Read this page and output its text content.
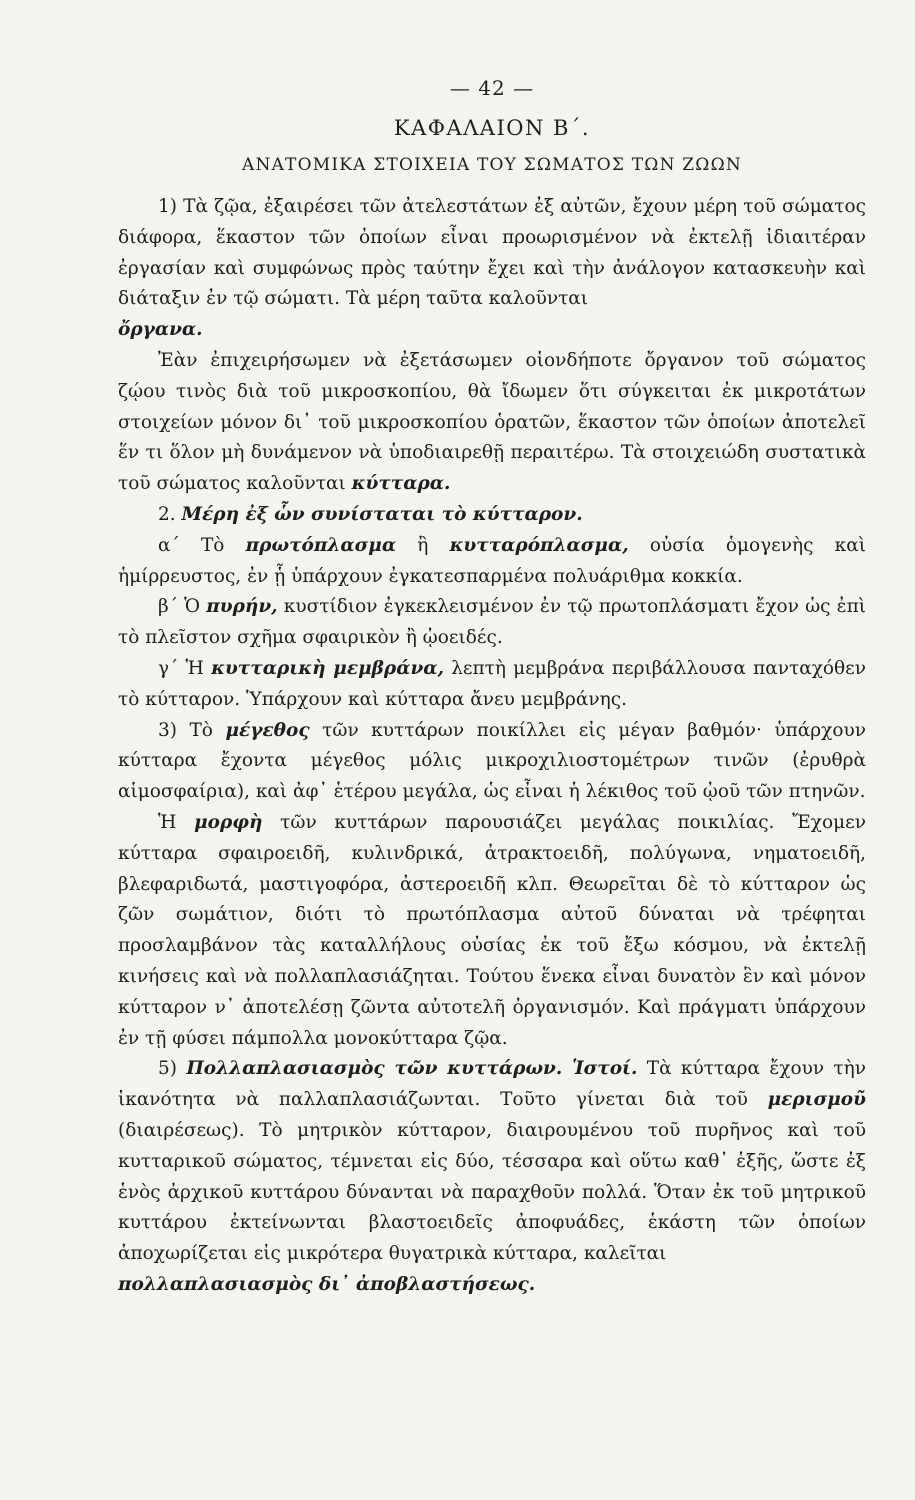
— 42 —
ΚΑΦΑΛΑΙΟΝ Β΄.
ΑΝΑΤΟΜΙΚΑ ΣΤΟΙΧΕΙΑ ΤΟΥ ΣΩΜΑΤΟΣ ΤΩΝ ΖΩΩΝ

1) Τὰ ζῷα, ἐξαιρέσει τῶν ἀτελεστάτων ἐξ αὐτῶν, ἔχουν μέρη τοῦ σώματος διάφορα, ἕκαστον τῶν ὁποίων εἶναι προωρισμένον νὰ ἐκτελῇ ἰδιαιτέραν ἐργασίαν καὶ συμφώνως πρὸς ταύτην ἔχει καὶ τὴν ἀνάλογον κατασκευὴν καὶ διάταξιν ἐν τῷ σώματι. Τὰ μέρη ταῦτα καλοῦνται

ὄργανα.

Ἐὰν ἐπιχειρήσωμεν νὰ ἐξετάσωμεν οἱονδήποτε ὄργανον τοῦ σώματος ζῴου τινὸς διὰ τοῦ μικροσκοπίου, θὰ ἴδωμεν ὅτι σύγκειται ἐκ μικροτάτων στοιχείων μόνον δι᾿ τοῦ μικροσκοπίου ὁρατῶν, ἕκαστον τῶν ὁποίων ἀποτελεῖ ἕν τι ὅλον μὴ δυνάμενον νὰ ὑποδιαιρεθῇ περαιτέρω. Τὰ στοιχειώδη συστατικὰ τοῦ σώματος καλοῦνται κύτταρα.

2. Μέρη ἐξ ὧν συνίσταται τὸ κύτταρον.

α΄ Τὸ πρωτόπλασμα ἢ κυτταρόπλασμα, οὐσία ὁμογενὴς καὶ ἡμίρρευστος, ἐν ᾗ ὑπάρχουν ἐγκατεσπαρμένα πολυάριθμα κοκκία.

β΄ Ὁ πυρήν, κυστίδιον ἐγκεκλεισμένον ἐν τῷ πρωτοπλάσματι ἔχον ὡς ἐπὶ τὸ πλεῖστον σχῆμα σφαιρικὸν ἢ ᾠοειδές.

γ΄ Ἡ κυτταρικὴ μεμβράνα, λεπτὴ μεμβράνα περιβάλλουσα πανταχόθεν τὸ κύτταρον. Ὑπάρχουν καὶ κύτταρα ἄνευ μεμβράνης.

3) Τὸ μέγεθος τῶν κυττάρων ποικίλλει εἰς μέγαν βαθμόν· ὑπάρχουν κύτταρα ἔχοντα μέγεθος μόλις μικροχιλιοστομέτρων τινῶν (ἐρυθρὰ αἱμοσφαίρια), καὶ ἀφ᾿ ἑτέρου μεγάλα, ὡς εἶναι ἡ λέκιθος τοῦ ᾠοῦ τῶν πτηνῶν.

Ἡ μορφὴ τῶν κυττάρων παρουσιάζει μεγάλας ποικιλίας. Ἔχομεν κύτταρα σφαιροειδῆ, κυλινδρικά, ἀτρακτοειδῆ, πολύγωνα, νηματοειδῆ, βλεφαριδωτά, μαστιγοφόρα, ἀστεροειδῆ κλπ. Θεωρεῖται δὲ τὸ κύτταρον ὡς ζῶν σωμάτιον, διότι τὸ πρωτόπλασμα αὐτοῦ δύναται νὰ τρέφηται προσλαμβάνον τὰς καταλλήλους οὐσίας ἐκ τοῦ ἔξω κόσμου, νὰ ἐκτελῇ κινήσεις καὶ νὰ πολλαπλασιάζηται. Τούτου ἕνεκα εἶναι δυνατὸν ἓν καὶ μόνον κύτταρον ν᾿ ἀποτελέσῃ ζῶντα αὐτοτελῆ ὀργανισμόν. Καὶ πράγματι ὑπάρχουν ἐν τῇ φύσει πάμπολλα μονοκύτταρα ζῷα.

5) Πολλαπλασιασμὸς τῶν κυττάρων. Ἱστοί. Τὰ κύτταρα ἔχουν τὴν ἱκανότητα νὰ παλλαπλασιάζωνται. Τοῦτο γίνεται διὰ τοῦ μερισμοῦ (διαιρέσεως). Τὸ μητρικὸν κύτταρον, διαιρουμένου τοῦ πυρῆνος καὶ τοῦ κυτταρικοῦ σώματος, τέμνεται εἰς δύο, τέσσαρα καὶ οὕτω καθ᾿ ἑξῆς, ὥστε ἐξ ἑνὸς ἀρχικοῦ κυττάρου δύνανται νὰ παραχθοῦν πολλά. Ὅταν ἐκ τοῦ μητρικοῦ κυττάρου ἐκτείνωνται βλαστοειδεῖς ἀποφυάδες, ἑκάστη τῶν ὁποίων ἀποχωρίζεται εἰς μικρότερα θυγατρικὰ κύτταρα, καλεῖται

πολλαπλασιασμὸς δι᾿ ἀποβλαστήσεως.
